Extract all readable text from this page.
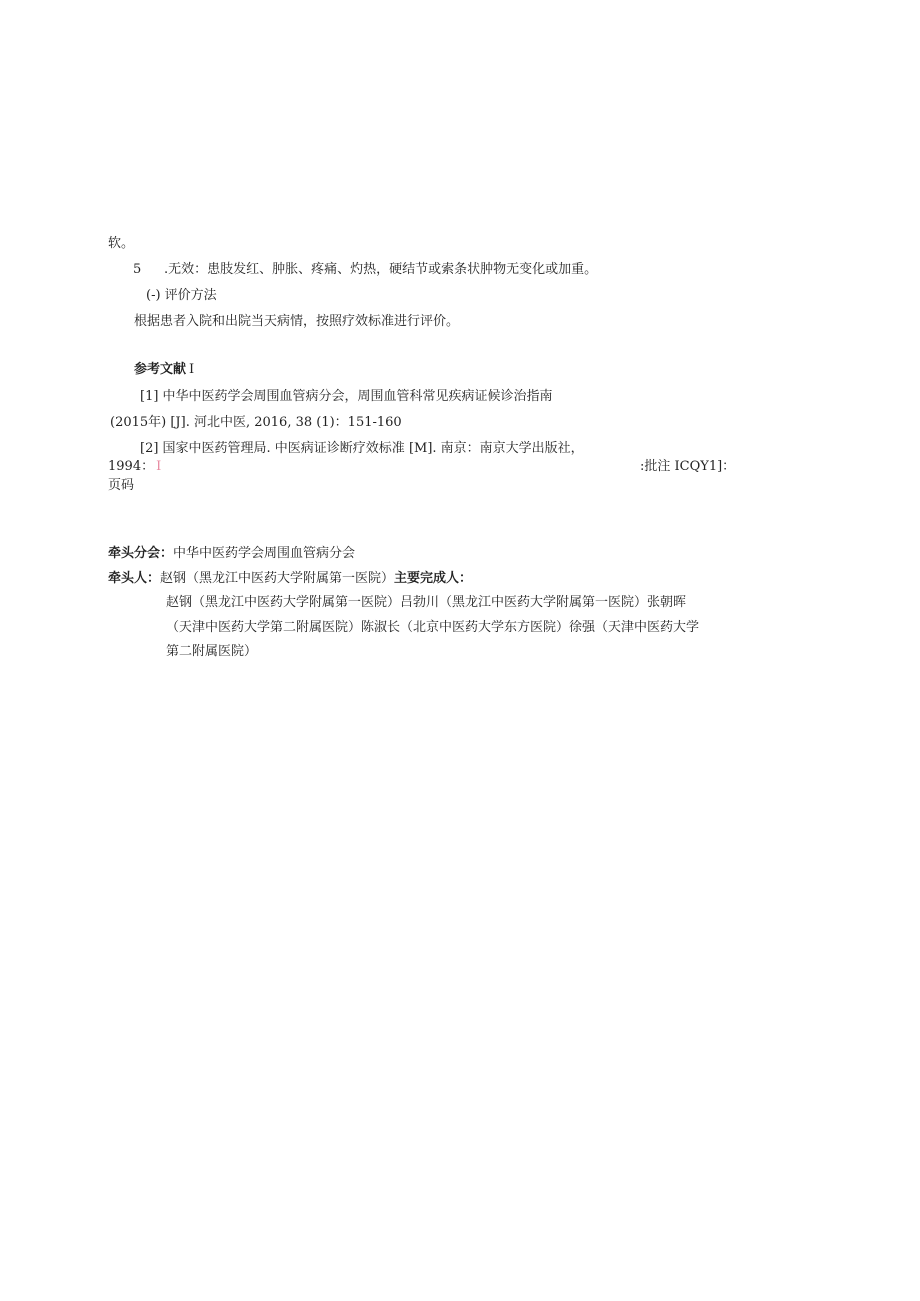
软。
5 .无效：患肢发红、肿胀、疼痛、灼热，硬结节或索条状肿物无变化或加重。
(-) 评价方法
根据患者入院和出院当天病情，按照疗效标准进行评价。
参考文献 I
[1] 中华中医药学会周围血管病分会，周围血管科常见疾病证候诊治指南
(2015年) [J]. 河北中医, 2016, 38 (1)：151-160
[2] 国家中医药管理局. 中医病证诊断疗效标准 [M]. 南京：南京大学出版社，
1994： I	:批注 ICQY1]：
页码
牵头分会：中华中医药学会周围血管病分会
牵头人：赵钢（黑龙江中医药大学附属第一医院）主要完成人：
赵钢（黑龙江中医药大学附属第一医院）吕勃川（黑龙江中医药大学附属第一医院）张朝晖
（天津中医药大学第二附属医院）陈淑长（北京中医药大学东方医院）徐强（天津中医药大学
第二附属医院）
